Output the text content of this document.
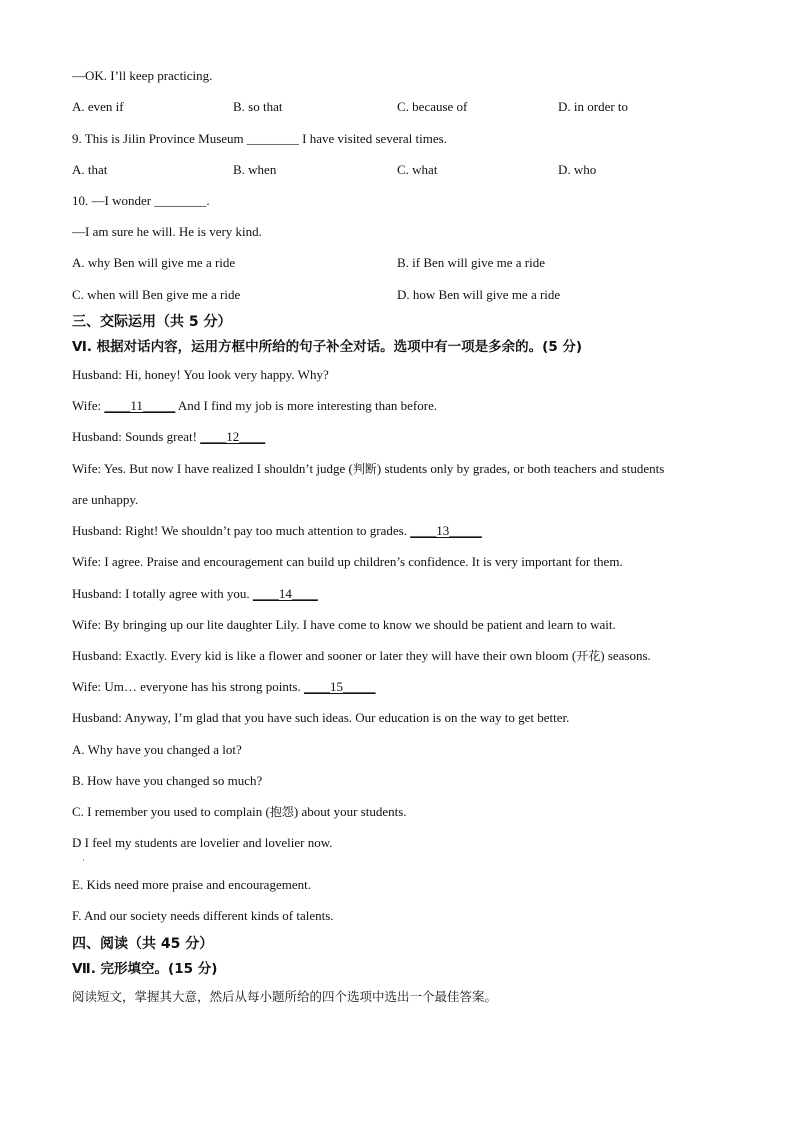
—OK. I’ll keep practicing.
A. even if	B. so that	C. because of	D. in order to
9. This is Jilin Province Museum ________ I have visited several times.
A. that	B. when	C. what	D. who
10. —I wonder ________.
—I am sure he will. He is very kind.
A. why Ben will give me a ride	B. if Ben will give me a ride
C. when will Ben give me a ride	D. how Ben will give me a ride
三、交际运用（共 5 分）
Ⅵ. 根据对话内容，运用方框中所给的句子补全对话。选项中有一项是多余的。(5 分)
Husband: Hi, honey! You look very happy. Why?
Wife: ____11_____ And I find my job is more interesting than before.
Husband: Sounds great! ____12____
Wife: Yes. But now I have realized I shouldn’t judge (判断) students only by grades, or both teachers and students
are unhappy.
Husband: Right! We shouldn’t pay too much attention to grades. ____13_____
Wife: I agree. Praise and encouragement can build up children’s confidence. It is very important for them.
Husband: I totally agree with you. ____14____
Wife: By bringing up our lite daughter Lily. I have come to know we should be patient and learn to wait.
Husband: Exactly. Every kid is like a flower and sooner or later they will have their own bloom (开花) seasons.
Wife: Um… everyone has his strong points. ____15_____
Husband: Anyway, I’m glad that you have such ideas. Our education is on the way to get better.
A. Why have you changed a lot?
B. How have you changed so much?
C. I remember you used to complain (抱怨) about your students.
D I feel my students are lovelier and lovelier now.
·
E. Kids need more praise and encouragement.
F. And our society needs different kinds of talents.
四、阅读（共 45 分）
Ⅶ. 完形填空。(15 分)
阅读短文，掌握其大意，然后从每小题所给的四个选项中选出一个最佳答案。
